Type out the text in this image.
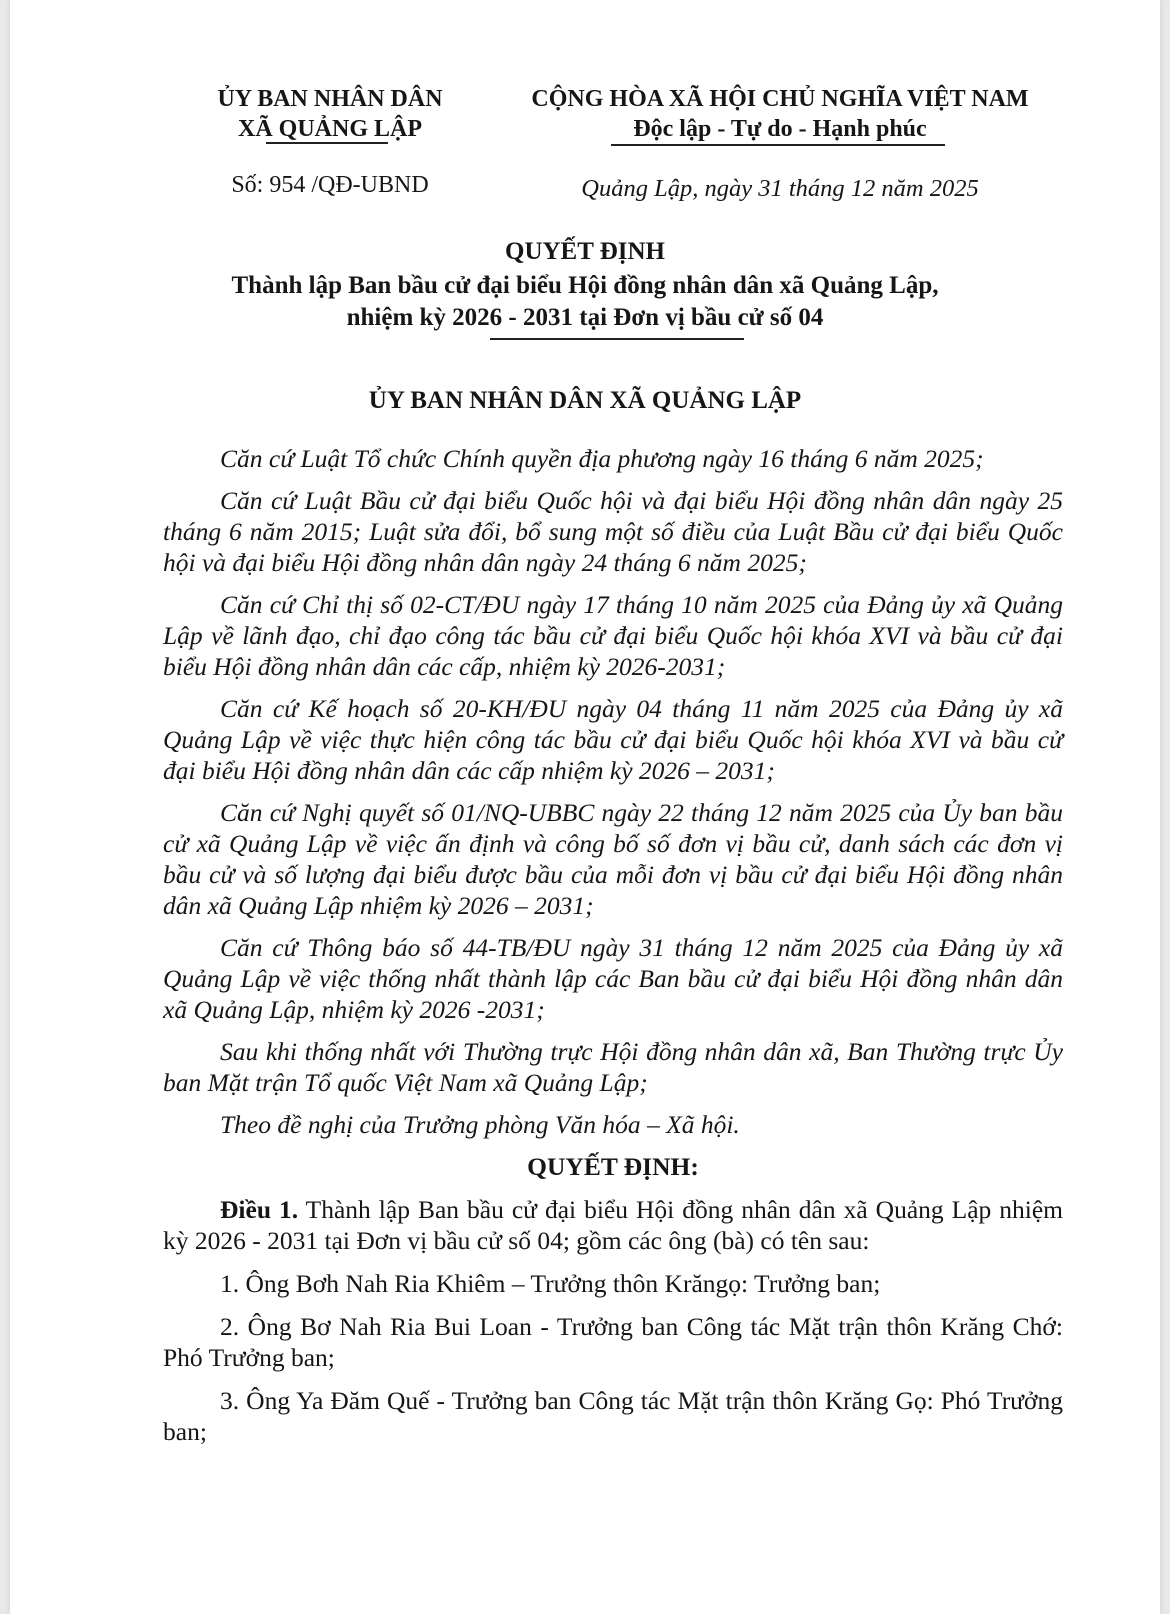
ỦY BAN NHÂN DÂN
XÃ QUẢNG LẬP
CỘNG HÒA XÃ HỘI CHỦ NGHĨA VIỆT NAM
Độc lập - Tự do - Hạnh phúc
Số: 954 /QĐ-UBND	Quảng Lập, ngày 31 tháng 12 năm 2025
QUYẾT ĐỊNH
Thành lập Ban bầu cử đại biểu Hội đồng nhân dân xã Quảng Lập,
nhiệm kỳ 2026 - 2031 tại Đơn vị bầu cử số 04
ỦY BAN NHÂN DÂN XÃ QUẢNG LẬP

Căn cứ Luật Tổ chức Chính quyền địa phương ngày 16 tháng 6 năm 2025;

Căn cứ Luật Bầu cử đại biểu Quốc hội và đại biểu Hội đồng nhân dân ngày 25 tháng 6 năm 2015; Luật sửa đổi, bổ sung một số điều của Luật Bầu cử đại biểu Quốc hội và đại biểu Hội đồng nhân dân ngày 24 tháng 6 năm 2025;

Căn cứ Chỉ thị số 02-CT/ĐU ngày 17 tháng 10 năm 2025 của Đảng ủy xã Quảng Lập về lãnh đạo, chỉ đạo công tác bầu cử đại biểu Quốc hội khóa XVI và bầu cử đại biểu Hội đồng nhân dân các cấp, nhiệm kỳ 2026-2031;

Căn cứ Kế hoạch số 20-KH/ĐU ngày 04 tháng 11 năm 2025 của Đảng ủy xã Quảng Lập về việc thực hiện công tác bầu cử đại biểu Quốc hội khóa XVI và bầu cử đại biểu Hội đồng nhân dân các cấp nhiệm kỳ 2026 – 2031;

Căn cứ Nghị quyết số 01/NQ-UBBC ngày 22 tháng 12 năm 2025 của Ủy ban bầu cử xã Quảng Lập về việc ấn định và công bố số đơn vị bầu cử, danh sách các đơn vị bầu cử và số lượng đại biểu được bầu của mỗi đơn vị bầu cử đại biểu Hội đồng nhân dân xã Quảng Lập nhiệm kỳ 2026 – 2031;

Căn cứ Thông báo số 44-TB/ĐU ngày 31 tháng 12 năm 2025 của Đảng ủy xã Quảng Lập về việc thống nhất thành lập các Ban bầu cử đại biểu Hội đồng nhân dân xã Quảng Lập, nhiệm kỳ 2026 -2031;

Sau khi thống nhất với Thường trực Hội đồng nhân dân xã, Ban Thường trực Ủy ban Mặt trận Tổ quốc Việt Nam xã Quảng Lập;

Theo đề nghị của Trưởng phòng Văn hóa – Xã hội.

QUYẾT ĐỊNH:

Điều 1. Thành lập Ban bầu cử đại biểu Hội đồng nhân dân xã Quảng Lập nhiệm kỳ 2026 - 2031 tại Đơn vị bầu cử số 04; gồm các ông (bà) có tên sau:

1. Ông Bơh Nah Ria Khiêm – Trưởng thôn Krăngọ: Trưởng ban;

2. Ông Bơ Nah Ria Bui Loan - Trưởng ban Công tác Mặt trận thôn Krăng Chớ: Phó Trưởng ban;

3. Ông Ya Đăm Quế - Trưởng ban Công tác Mặt trận thôn Krăng Gọ: Phó Trưởng ban;
